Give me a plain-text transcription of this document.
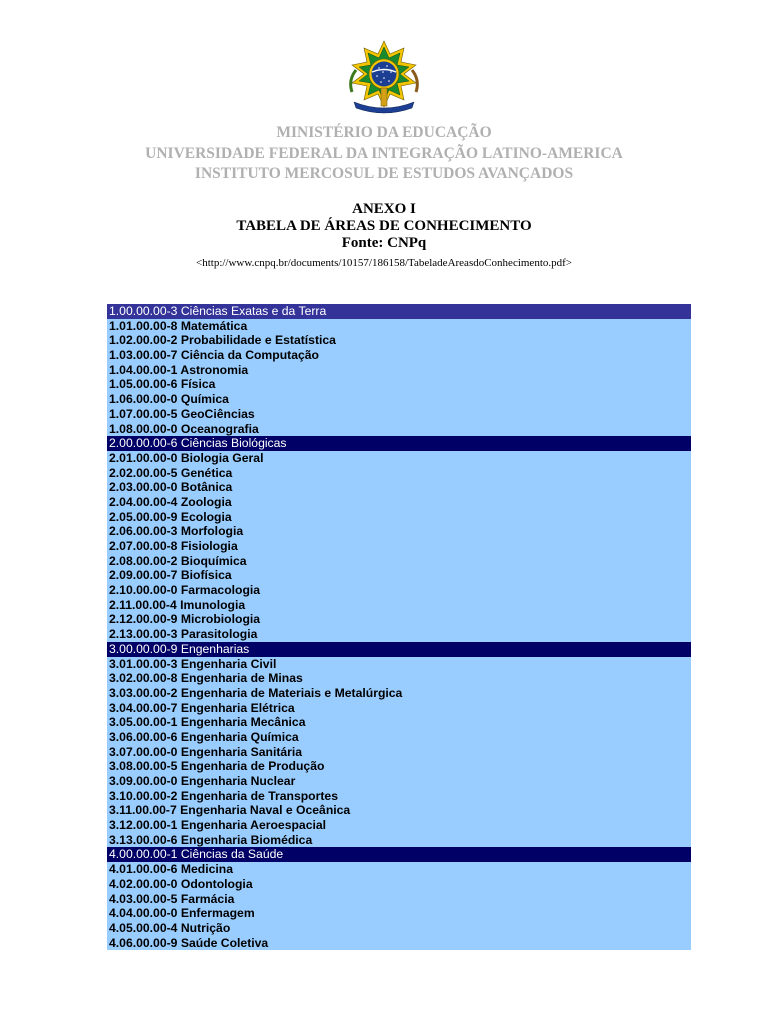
MINISTÉRIO DA EDUCAÇÃO
UNIVERSIDADE FEDERAL DA INTEGRAÇÃO LATINO-AMERICA
INSTITUTO MERCOSUL DE ESTUDOS AVANÇADOS
ANEXO I
TABELA DE ÁREAS DE CONHECIMENTO
Fonte: CNPq
<http://www.cnpq.br/documents/10157/186158/TabeladeAreasdoConhecimento.pdf>
1.00.00.00-3 Ciências Exatas e da Terra
1.01.00.00-8 Matemática
1.02.00.00-2 Probabilidade e Estatística
1.03.00.00-7 Ciência da Computação
1.04.00.00-1 Astronomia
1.05.00.00-6 Física
1.06.00.00-0 Química
1.07.00.00-5 GeoCiências
1.08.00.00-0 Oceanografia
2.00.00.00-6 Ciências Biológicas
2.01.00.00-0 Biologia Geral
2.02.00.00-5 Genética
2.03.00.00-0 Botânica
2.04.00.00-4 Zoologia
2.05.00.00-9 Ecologia
2.06.00.00-3 Morfologia
2.07.00.00-8 Fisiologia
2.08.00.00-2 Bioquímica
2.09.00.00-7 Biofísica
2.10.00.00-0 Farmacologia
2.11.00.00-4 Imunologia
2.12.00.00-9 Microbiologia
2.13.00.00-3 Parasitologia
3.00.00.00-9 Engenharias
3.01.00.00-3 Engenharia Civil
3.02.00.00-8 Engenharia de Minas
3.03.00.00-2 Engenharia de Materiais e Metalúrgica
3.04.00.00-7 Engenharia Elétrica
3.05.00.00-1 Engenharia Mecânica
3.06.00.00-6 Engenharia Química
3.07.00.00-0 Engenharia Sanitária
3.08.00.00-5 Engenharia de Produção
3.09.00.00-0 Engenharia Nuclear
3.10.00.00-2 Engenharia de Transportes
3.11.00.00-7 Engenharia Naval e Oceânica
3.12.00.00-1 Engenharia Aeroespacial
3.13.00.00-6 Engenharia Biomédica
4.00.00.00-1 Ciências da Saúde
4.01.00.00-6 Medicina
4.02.00.00-0 Odontologia
4.03.00.00-5 Farmácia
4.04.00.00-0 Enfermagem
4.05.00.00-4 Nutrição
4.06.00.00-9 Saúde Coletiva
